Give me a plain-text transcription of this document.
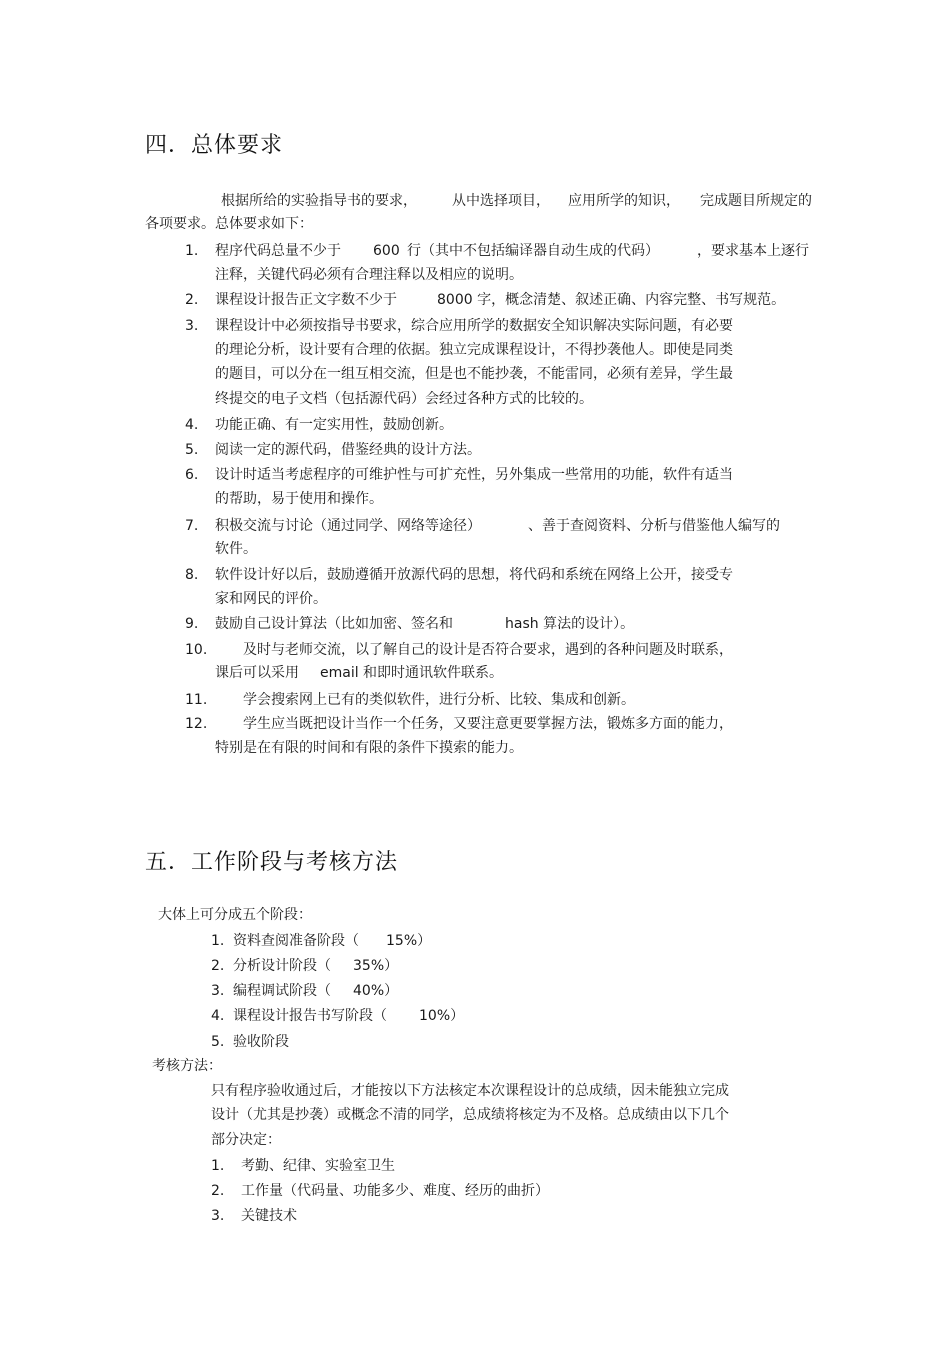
四．总体要求
根据所给的实验指导书的要求，	从中选择项目， 应用所学的知识， 完成题目所规定的
各项要求。总体要求如下：
1. 程序代码总量不少于 600 行（其中不包括编译器自动生成的代码）	，要求基本上逐行
注释，关键代码必须有合理注释以及相应的说明。
2. 课程设计报告正文字数不少于	8000 字，概念清楚、叙述正确、内容完整、书写规范。
3. 课程设计中必须按指导书要求，综合应用所学的数据安全知识解决实际问题，有必要
的理论分析，设计要有合理的依据。独立完成课程设计，不得抄袭他人。即使是同类
的题目，可以分在一组互相交流，但是也不能抄袭，不能雷同，必须有差异，学生最
终提交的电子文档（包括源代码）会经过各种方式的比较的。
4. 功能正确、有一定实用性，鼓励创新。
5. 阅读一定的源代码，借鉴经典的设计方法。
6. 设计时适当考虑程序的可维护性与可扩充性，另外集成一些常用的功能，软件有适当
的帮助，易于使用和操作。
7. 积极交流与讨论（通过同学、网络等途径）	、善于查阅资料、分析与借鉴他人编写的
软件。
8. 软件设计好以后，鼓励遵循开放源代码的思想，将代码和系统在网络上公开，接受专
家和网民的评价。
9. 鼓励自己设计算法（比如加密、签名和	hash 算法的设计）。
10.	及时与老师交流，以了解自己的设计是否符合要求，遇到的各种问题及时联系，
课后可以采用 email 和即时通讯软件联系。
11.	学会搜索网上已有的类似软件，进行分析、比较、集成和创新。
12.	学生应当既把设计当作一个任务，又要注意更要掌握方法，锻炼多方面的能力，
特别是在有限的时间和有限的条件下摸索的能力。
五．工作阶段与考核方法
大体上可分成五个阶段：
1. 资料查阅准备阶段（ 15%）
2. 分析设计阶段（ 35%）
3. 编程调试阶段（ 40%）
4. 课程设计报告书写阶段（ 10%）
5. 验收阶段
考核方法：
只有程序验收通过后，才能按以下方法核定本次课程设计的总成绩，因未能独立完成
设计（尤其是抄袭）或概念不清的同学，总成绩将核定为不及格。总成绩由以下几个
部分决定：
1. 考勤、纪律、实验室卫生
2. 工作量（代码量、功能多少、难度、经历的曲折）
3. 关键技术
